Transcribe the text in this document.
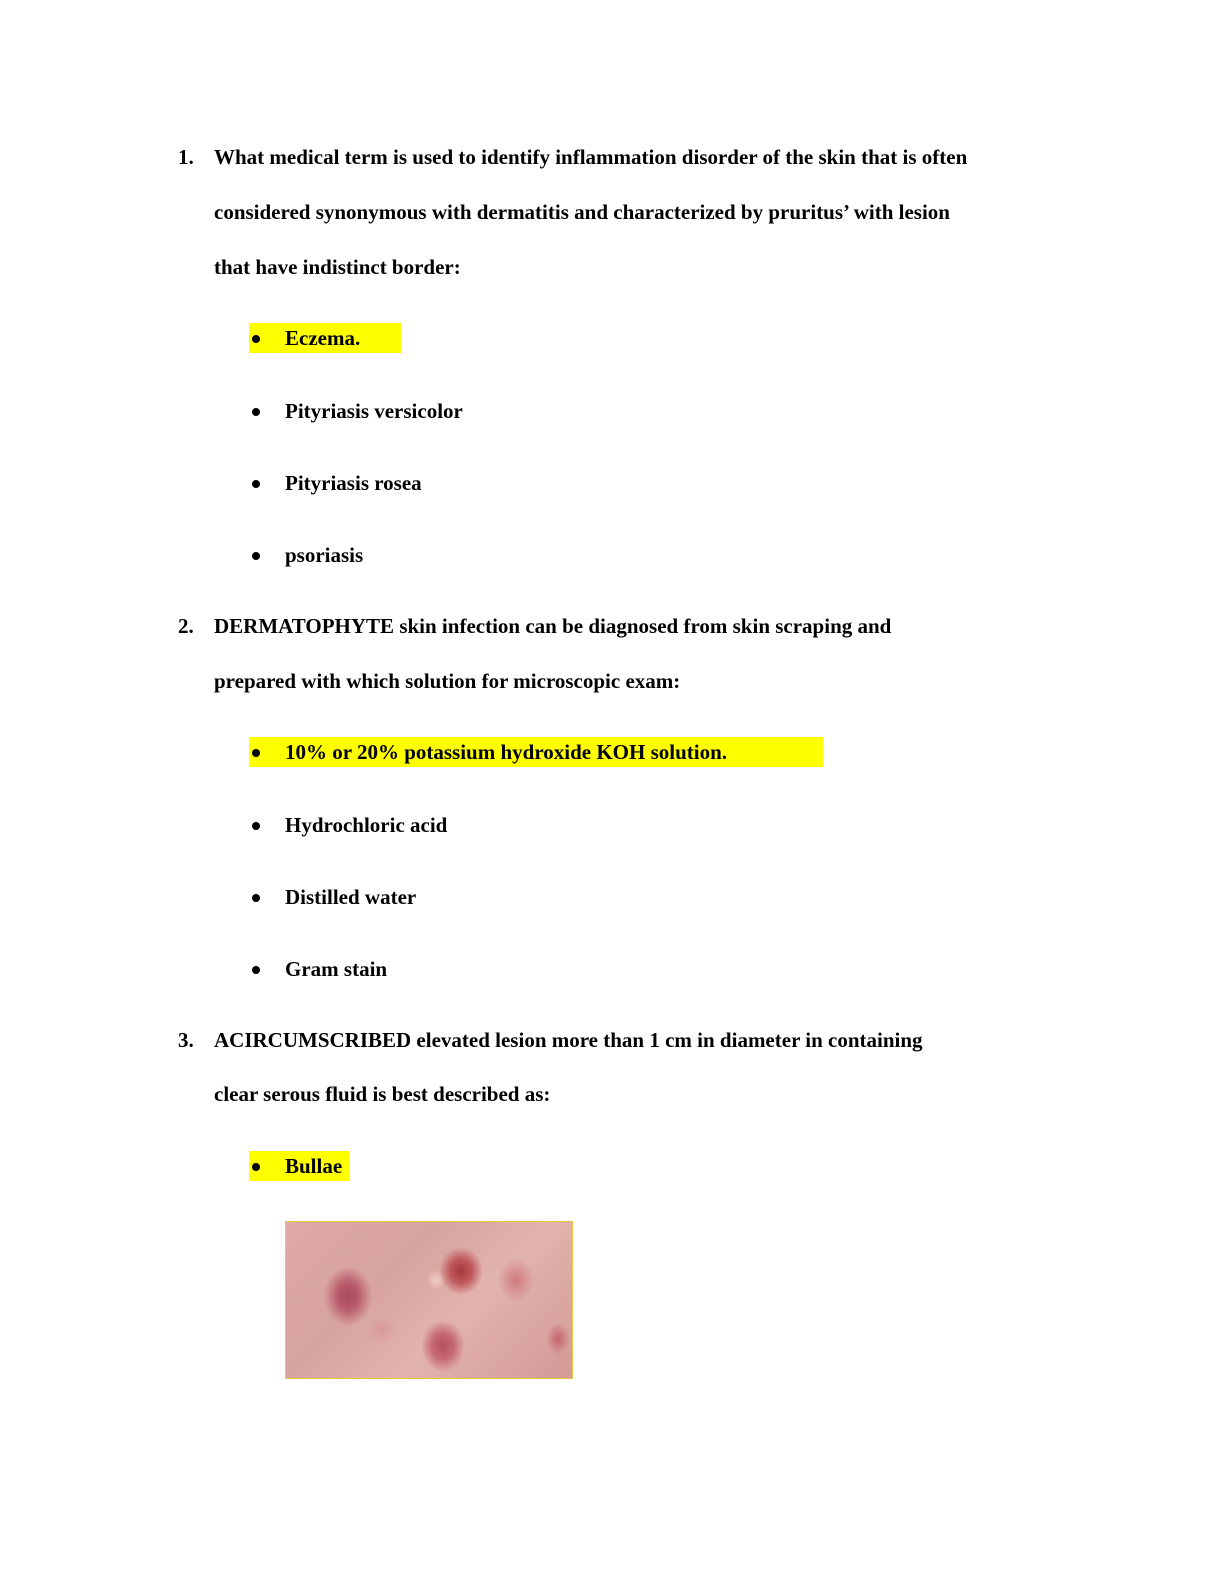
1. What medical term is used to identify inflammation disorder of the skin that is often
considered synonymous with dermatitis and characterized by pruritus’ with lesion
that have indistinct border:
Eczema.
Pityriasis versicolor
Pityriasis rosea
psoriasis
2. DERMATOPHYTE skin infection can be diagnosed from skin scraping and
prepared with which solution for microscopic exam:
10% or 20% potassium hydroxide KOH solution.
Hydrochloric acid
Distilled water
Gram stain
3. ACIRCUMSCRIBED elevated lesion more than 1 cm in diameter in containing
clear serous fluid is best described as:
Bullae
